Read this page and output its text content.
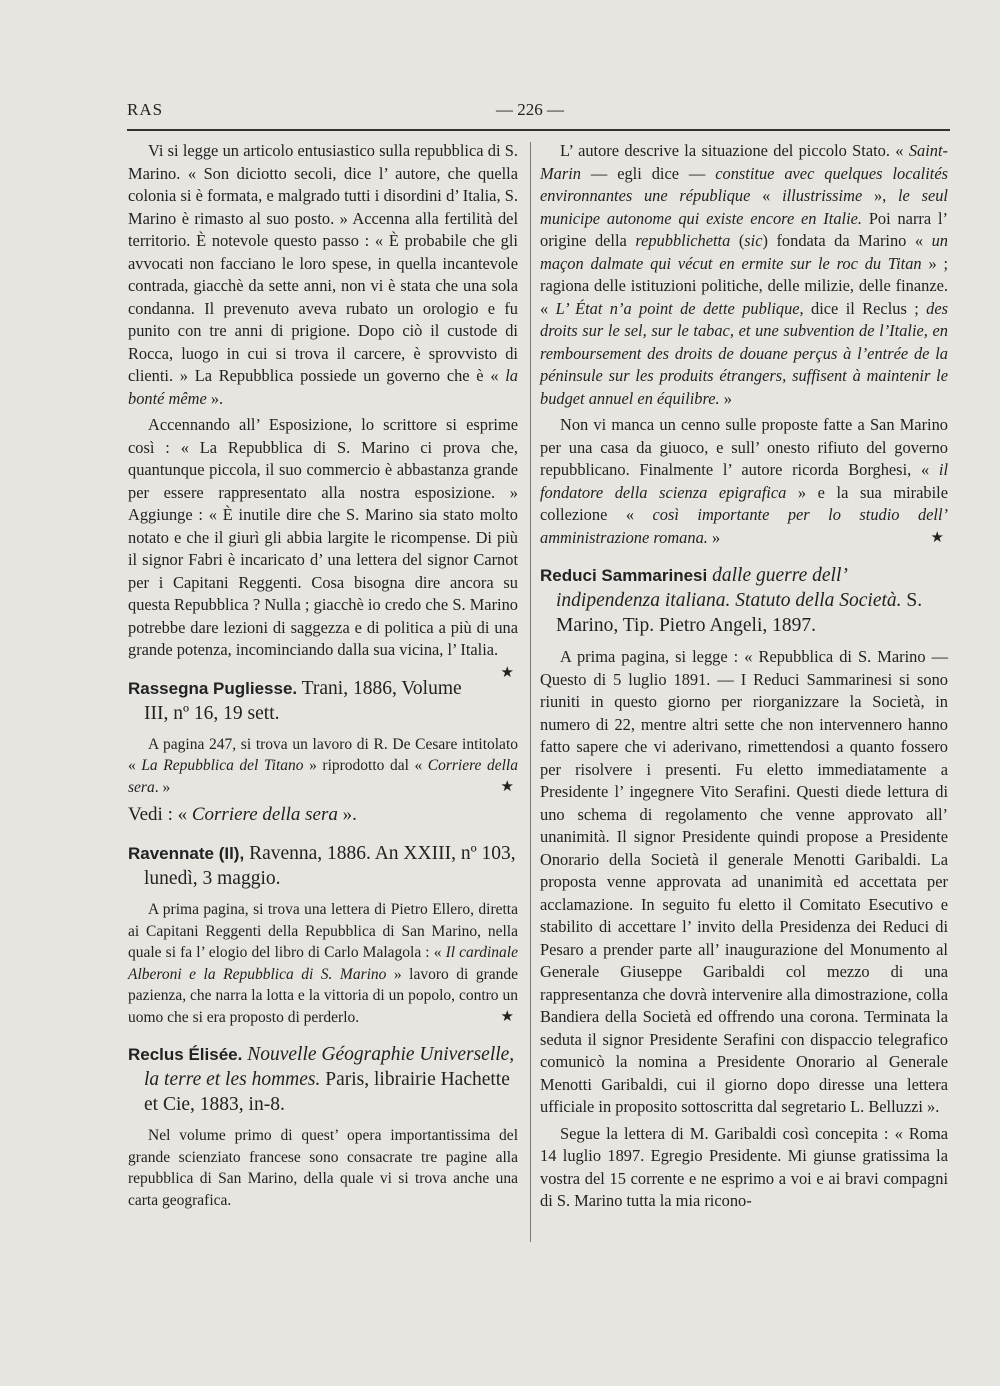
RAS	— 226 —

Vi si legge un articolo entusiastico sulla repubblica di S. Marino. « Son diciotto secoli, dice l’ autore, che quella colonia si è formata, e malgrado tutti i disordini d’ Italia, S. Marino è rimasto al suo posto. » Accenna alla fertilità del territorio. È notevole questo passo : « È probabile che gli avvocati non facciano le loro spese, in quella incantevole contrada, giacchè da sette anni, non vi è stata che una sola condanna. Il prevenuto aveva rubato un orologio e fu punito con tre anni di prigione. Dopo ciò il custode di Rocca, luogo in cui si trova il carcere, è sprovvisto di clienti. » La Repubblica possiede un governo che è « la bonté même ».

Accennando all’ Esposizione, lo scrittore si esprime così : « La Repubblica di S. Marino ci prova che, quantunque piccola, il suo commercio è abbastanza grande per essere rappresentato alla nostra esposizione. » Aggiunge : « È inutile dire che S. Marino sia stato molto notato e che il giurì gli abbia largite le ricompense. Di più il signor Fabri è incaricato d’ una lettera del signor Carnot per i Capitani Reggenti. Cosa bisogna dire ancora su questa Repubblica ? Nulla ; giacchè io credo che S. Marino potrebbe dare lezioni di saggezza e di politica a più di una grande potenza, incominciando dalla sua vicina, l’ Italia.
★

Rassegna Pugliesse. Trani, 1886, Volume III, nº 16, 19 sett.

A pagina 247, si trova un lavoro di R. De Cesare intitolato « La Repubblica del Titano » riprodotto dal « Corriere della sera. »	★

Vedi : « Corriere della sera ».

Ravennate (Il), Ravenna, 1886. An XXIII, nº 103, lunedì, 3 maggio.

A prima pagina, si trova una lettera di Pietro Ellero, diretta ai Capitani Reggenti della Repubblica di San Marino, nella quale si fa l’ elogio del libro di Carlo Malagola : « Il cardinale Alberoni e la Repubblica di S. Marino » lavoro di grande pazienza, che narra la lotta e la vittoria di un popolo, contro un uomo che si era proposto di perderlo.	★

Reclus Élisée. Nouvelle Géographie Universelle, la terre et les hommes. Paris, librairie Hachette et Cie, 1883, in-8.

Nel volume primo di quest’ opera importantissima del grande scienziato francese sono consacrate tre pagine alla repubblica di San Marino, della quale vi si trova anche una carta geografica.

L’ autore descrive la situazione del piccolo Stato. « Saint-Marin — egli dice — constitue avec quelques localités environnantes une république « illustrissime », le seul municipe autonome qui existe encore en Italie. Poi narra l’ origine della repubblichetta (sic) fondata da Marino « un maçon dalmate qui vécut en ermite sur le roc du Titan » ; ragiona delle istituzioni politiche, delle milizie, delle finanze. « L’ État n’a point de dette publique, dice il Reclus ; des droits sur le sel, sur le tabac, et une subvention de l’Italie, en remboursement des droits de douane perçus à l’entrée de la péninsule sur les produits étrangers, suffisent à maintenir le budget annuel en équilibre. »

Non vi manca un cenno sulle proposte fatte a San Marino per una casa da giuoco, e sull’ onesto rifiuto del governo repubblicano. Finalmente l’ autore ricorda Borghesi, « il fondatore della scienza epigrafica » e la sua mirabile collezione « così importante per lo studio dell’ amministrazione romana. »	★

Reduci Sammarinesi dalle guerre dell’ indipendenza italiana. Statuto della Società. S. Marino, Tip. Pietro Angeli, 1897.

A prima pagina, si legge : « Repubblica di S. Marino — Questo di 5 luglio 1891. — I Reduci Sammarinesi si sono riuniti in questo giorno per riorganizzare la Società, in numero di 22, mentre altri sette che non intervennero hanno fatto sapere che vi aderivano, rimettendosi a quanto fossero per risolvere i presenti. Fu eletto immediatamente a Presidente l’ ingegnere Vito Serafini. Questi diede lettura di uno schema di regolamento che venne approvato all’ unanimità. Il signor Presidente quindi propose a Presidente Onorario della Società il generale Menotti Garibaldi. La proposta venne approvata ad unanimità ed accettata per acclamazione. In seguito fu eletto il Comitato Esecutivo e stabilito di accettare l’ invito della Presidenza dei Reduci di Pesaro a prender parte all’ inaugurazione del Monumento al Generale Giuseppe Garibaldi col mezzo di una rappresentanza che dovrà intervenire alla dimostrazione, colla Bandiera della Società ed offrendo una corona. Terminata la seduta il signor Presidente Serafini con dispaccio telegrafico comunicò la nomina a Presidente Onorario al Generale Menotti Garibaldi, cui il giorno dopo diresse una lettera ufficiale in proposito sottoscritta dal segretario L. Belluzzi ».

Segue la lettera di M. Garibaldi così concepita : « Roma 14 luglio 1897. Egregio Presidente. Mi giunse gratissima la vostra del 15 corrente e ne esprimo a voi e ai bravi compagni di S. Marino tutta la mia ricono-
